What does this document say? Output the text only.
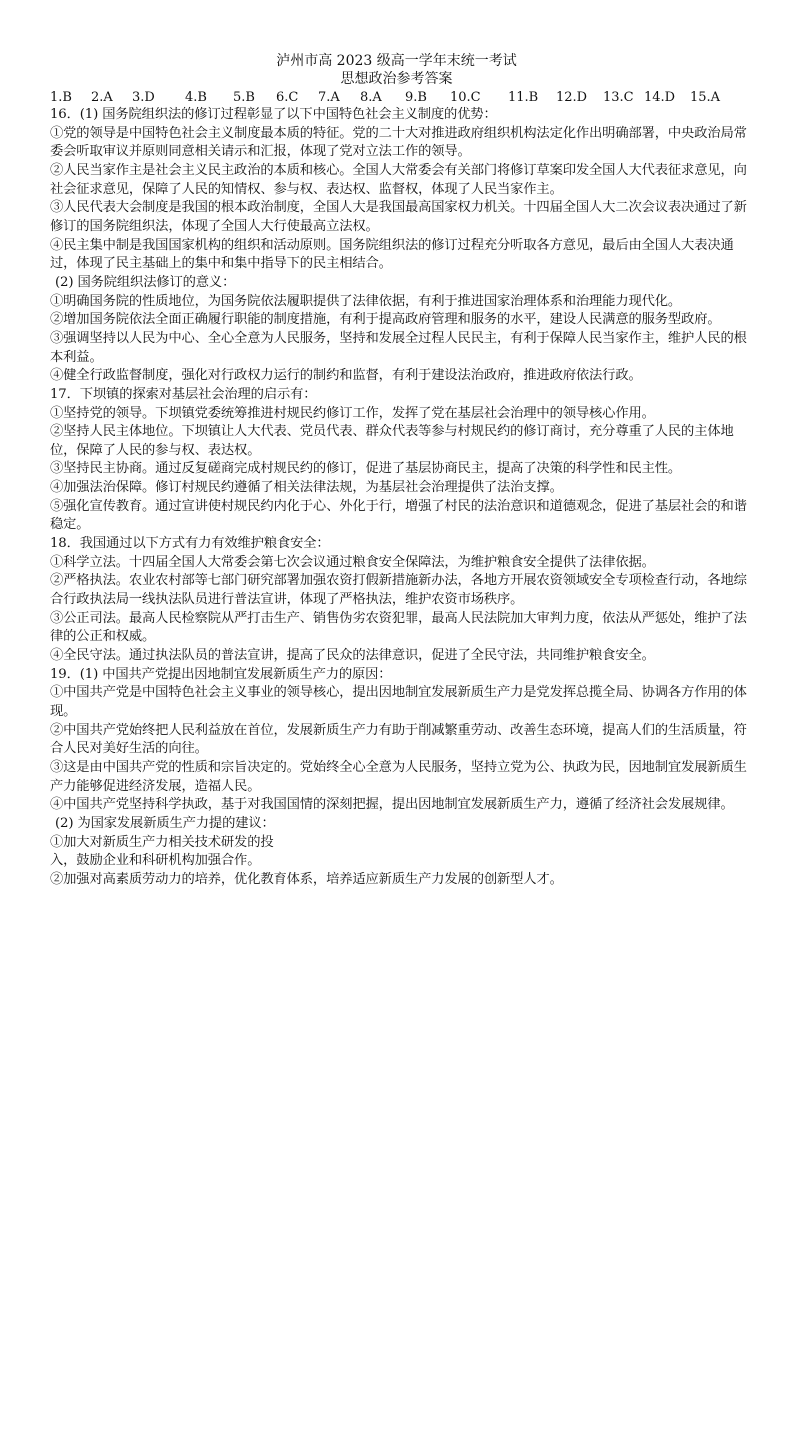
泸州市高 2023 级高一学年末统一考试
思想政治参考答案
1.B 2.A 3.D 4.B 5.B 6.C 7.A 8.A 9.B 10.C 11.B 12.D 13.C 14.D 15.A

16．(1) 国务院组织法的修订过程彰显了以下中国特色社会主义制度的优势：

①党的领导是中国特色社会主义制度最本质的特征。党的二十大对推进政府组织机构法定化作出明确部署，中央政治局常委会听取审议并原则同意相关请示和汇报，体现了党对立法工作的领导。

②人民当家作主是社会主义民主政治的本质和核心。全国人大常委会有关部门将修订草案印发全国人大代表征求意见，向社会征求意见，保障了人民的知情权、参与权、表达权、监督权，体现了人民当家作主。

③人民代表大会制度是我国的根本政治制度，全国人大是我国最高国家权力机关。十四届全国人大二次会议表决通过了新修订的国务院组织法，体现了全国人大行使最高立法权。

④民主集中制是我国国家机构的组织和活动原则。国务院组织法的修订过程充分听取各方意见，最后由全国人大表决通过，体现了民主基础上的集中和集中指导下的民主相结合。

(2) 国务院组织法修订的意义：

①明确国务院的性质地位，为国务院依法履职提供了法律依据，有利于推进国家治理体系和治理能力现代化。

②增加国务院依法全面正确履行职能的制度措施，有利于提高政府管理和服务的水平，建设人民满意的服务型政府。

③强调坚持以人民为中心、全心全意为人民服务，坚持和发展全过程人民民主，有利于保障人民当家作主，维护人民的根本利益。

④健全行政监督制度，强化对行政权力运行的制约和监督，有利于建设法治政府，推进政府依法行政。

17．下坝镇的探索对基层社会治理的启示有：

①坚持党的领导。下坝镇党委统筹推进村规民约修订工作，发挥了党在基层社会治理中的领导核心作用。

②坚持人民主体地位。下坝镇让人大代表、党员代表、群众代表等参与村规民约的修订商讨，充分尊重了人民的主体地位，保障了人民的参与权、表达权。

③坚持民主协商。通过反复磋商完成村规民约的修订，促进了基层协商民主，提高了决策的科学性和民主性。

④加强法治保障。修订村规民约遵循了相关法律法规，为基层社会治理提供了法治支撑。

⑤强化宣传教育。通过宣讲使村规民约内化于心、外化于行，增强了村民的法治意识和道德观念，促进了基层社会的和谐稳定。

18．我国通过以下方式有力有效维护粮食安全：

①科学立法。十四届全国人大常委会第七次会议通过粮食安全保障法，为维护粮食安全提供了法律依据。

②严格执法。农业农村部等七部门研究部署加强农资打假新措施新办法，各地方开展农资领域安全专项检查行动，各地综合行政执法局一线执法队员进行普法宣讲，体现了严格执法，维护农资市场秩序。

③公正司法。最高人民检察院从严打击生产、销售伪劣农资犯罪，最高人民法院加大审判力度，依法从严惩处，维护了法律的公正和权威。

④全民守法。通过执法队员的普法宣讲，提高了民众的法律意识，促进了全民守法，共同维护粮食安全。

19．(1) 中国共产党提出因地制宜发展新质生产力的原因：

①中国共产党是中国特色社会主义事业的领导核心，提出因地制宜发展新质生产力是党发挥总揽全局、协调各方作用的体现。

②中国共产党始终把人民利益放在首位，发展新质生产力有助于削减繁重劳动、改善生态环境，提高人们的生活质量，符合人民对美好生活的向往。

③这是由中国共产党的性质和宗旨决定的。党始终全心全意为人民服务，坚持立党为公、执政为民，因地制宜发展新质生产力能够促进经济发展，造福人民。

④中国共产党坚持科学执政，基于对我国国情的深刻把握，提出因地制宜发展新质生产力，遵循了经济社会发展规律。

(2) 为国家发展新质生产力提的建议：

①加大对新质生产力相关技术研发的投

入，鼓励企业和科研机构加强合作。

②加强对高素质劳动力的培养，优化教育体系，培养适应新质生产力发展的创新型人才。
